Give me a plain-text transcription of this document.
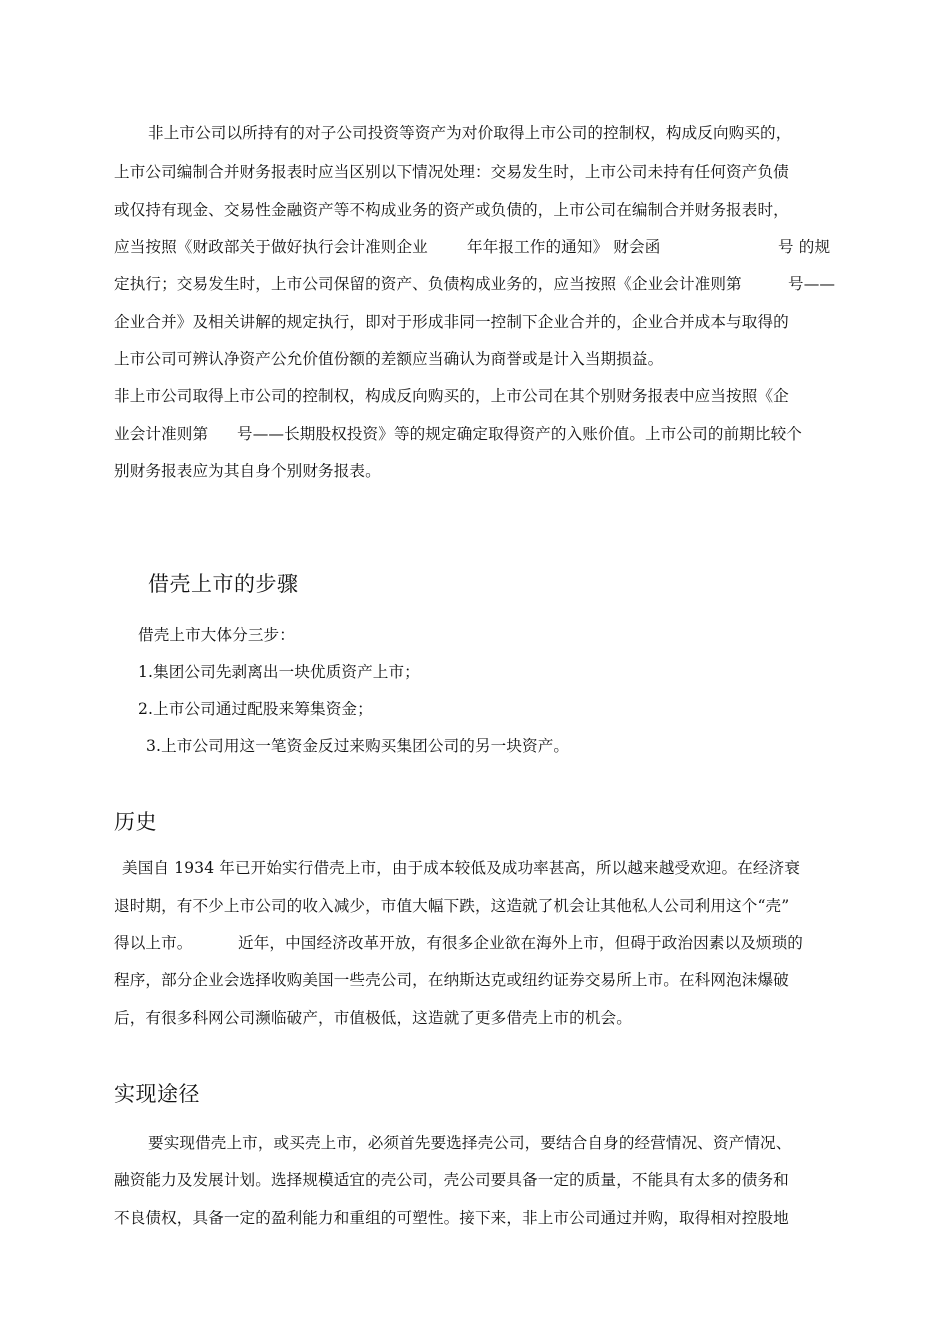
非上市公司以所持有的对子公司投资等资产为对价取得上市公司的控制权，构成反向购买的，
上市公司编制合并财务报表时应当区别以下情况处理：交易发生时，上市公司未持有任何资产负债
或仅持有现金、交易性金融资产等不构成业务的资产或负债的，上市公司在编制合并财务报表时，
应当按照《财政部关于做好执行会计准则企业	年年报工作的通知》 财会函	号 的规
定执行；交易发生时，上市公司保留的资产、负债构成业务的，应当按照《企业会计准则第	号——
企业合并》及相关讲解的规定执行，即对于形成非同一控制下企业合并的，企业合并成本与取得的
上市公司可辨认净资产公允价值份额的差额应当确认为商誉或是计入当期损益。
非上市公司取得上市公司的控制权，构成反向购买的，上市公司在其个别财务报表中应当按照《企
业会计准则第 号——长期股权投资》等的规定确定取得资产的入账价值。上市公司的前期比较个
别财务报表应为其自身个别财务报表。
借壳上市的步骤
借壳上市大体分三步：
1.集团公司先剥离出一块优质资产上市；
2.上市公司通过配股来筹集资金；
3.上市公司用这一笔资金反过来购买集团公司的另一块资产。
历史
美国自 1934 年已开始实行借壳上市，由于成本较低及成功率甚高，所以越来越受欢迎。在经济衰
退时期，有不少上市公司的收入减少，市值大幅下跌，这造就了机会让其他私人公司利用这个“壳”
得以上市。	近年，中国经济改革开放，有很多企业欲在海外上市，但碍于政治因素以及烦琐的
程序，部分企业会选择收购美国一些壳公司，在纳斯达克或纽约证券交易所上市。在科网泡沫爆破
后，有很多科网公司濒临破产，市值极低，这造就了更多借壳上市的机会。
实现途径
要实现借壳上市，或买壳上市，必须首先要选择壳公司，要结合自身的经营情况、资产情况、
融资能力及发展计划。选择规模适宜的壳公司，壳公司要具备一定的质量，不能具有太多的债务和
不良债权，具备一定的盈利能力和重组的可塑性。接下来，非上市公司通过并购，取得相对控股地
